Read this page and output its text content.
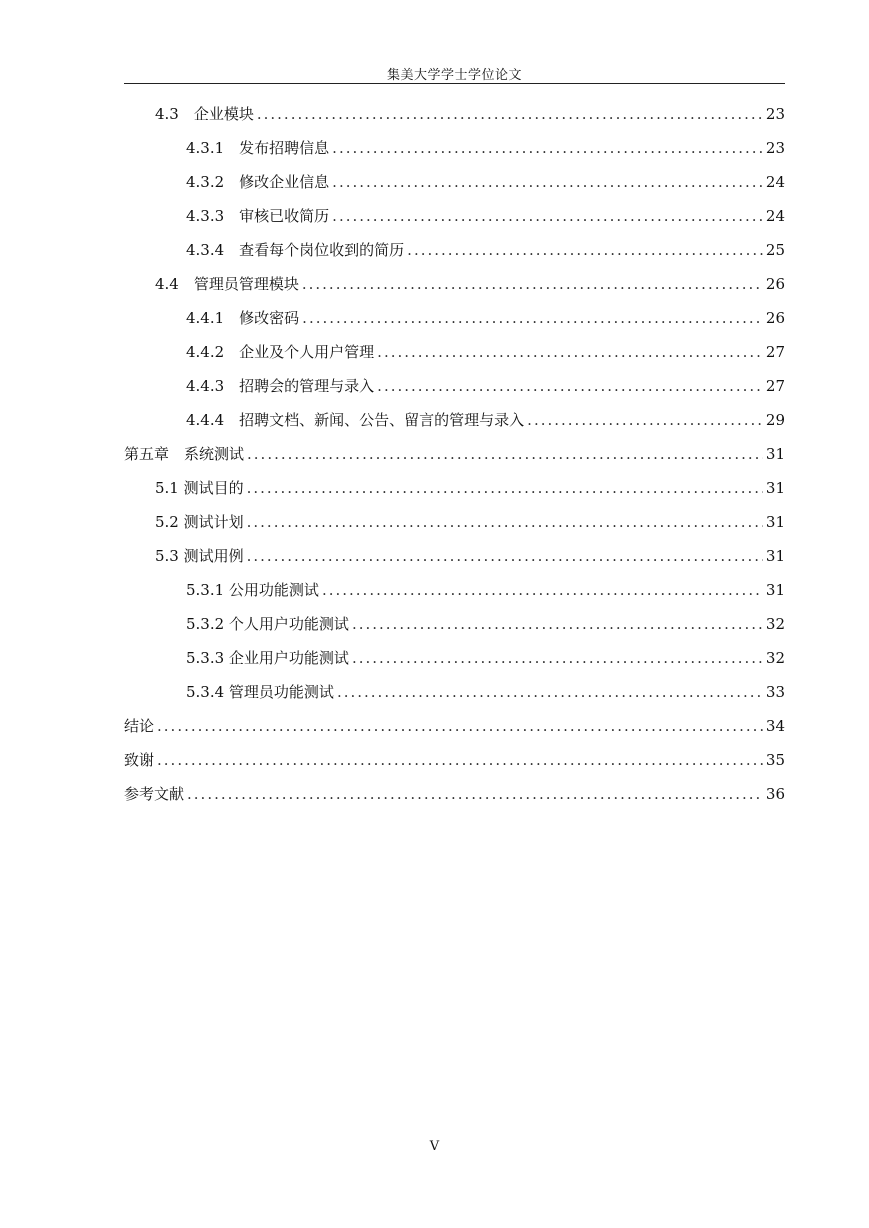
集美大学学士学位论文
4.3　企业模块 .....	23
4.3.1　发布招聘信息 .....	23
4.3.2　修改企业信息 .....	24
4.3.3　审核已收简历 .....	24
4.3.4　查看每个岗位收到的简历 .....	25
4.4　管理员管理模块 .....	26
4.4.1　修改密码 .....	26
4.4.2　企业及个人用户管理 .....	27
4.4.3　招聘会的管理与录入 .....	27
4.4.4　招聘文档、新闻、公告、留言的管理与录入 .....	29
第五章　系统测试 .....	31
5.1 测试目的 .....	31
5.2 测试计划 .....	31
5.3 测试用例 .....	31
5.3.1 公用功能测试 .....	31
5.3.2 个人用户功能测试 .....	32
5.3.3 企业用户功能测试 .....	32
5.3.4 管理员功能测试 .....	33
结论 .....	34
致谢 .....	35
参考文献 .....	36
V
